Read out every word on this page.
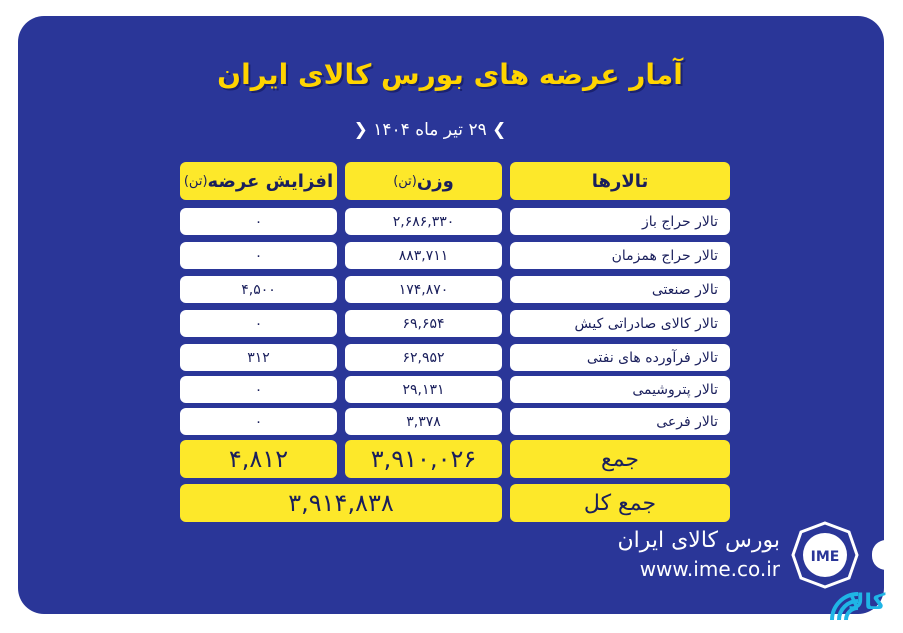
آمار عرضه های بورس کالای ایران
❯ ۲۹ تیر ماه ۱۴۰۴ ❮
تالارها
وزن
(تن)
افزایش عرضه
(تن)
تالار حراج باز
۲,۶۸۶,۳۳۰
۰
تالار حراج همزمان
۸۸۳,۷۱۱
۰
تالار صنعتی
۱۷۴,۸۷۰
۴,۵۰۰
تالار کالای صادراتی کیش
۶۹,۶۵۴
۰
تالار فرآورده های نفتی
۶۲,۹۵۲
۳۱۲
تالار پتروشیمی
۲۹,۱۳۱
۰
تالار فرعی
۳,۳۷۸
۰
جمع
۳,۹۱۰,۰۲۶
۴,۸۱۲
جمع کل
۳,۹۱۴,۸۳۸
بورس کالای ایران
www.ime.co.ir IME
کالا
